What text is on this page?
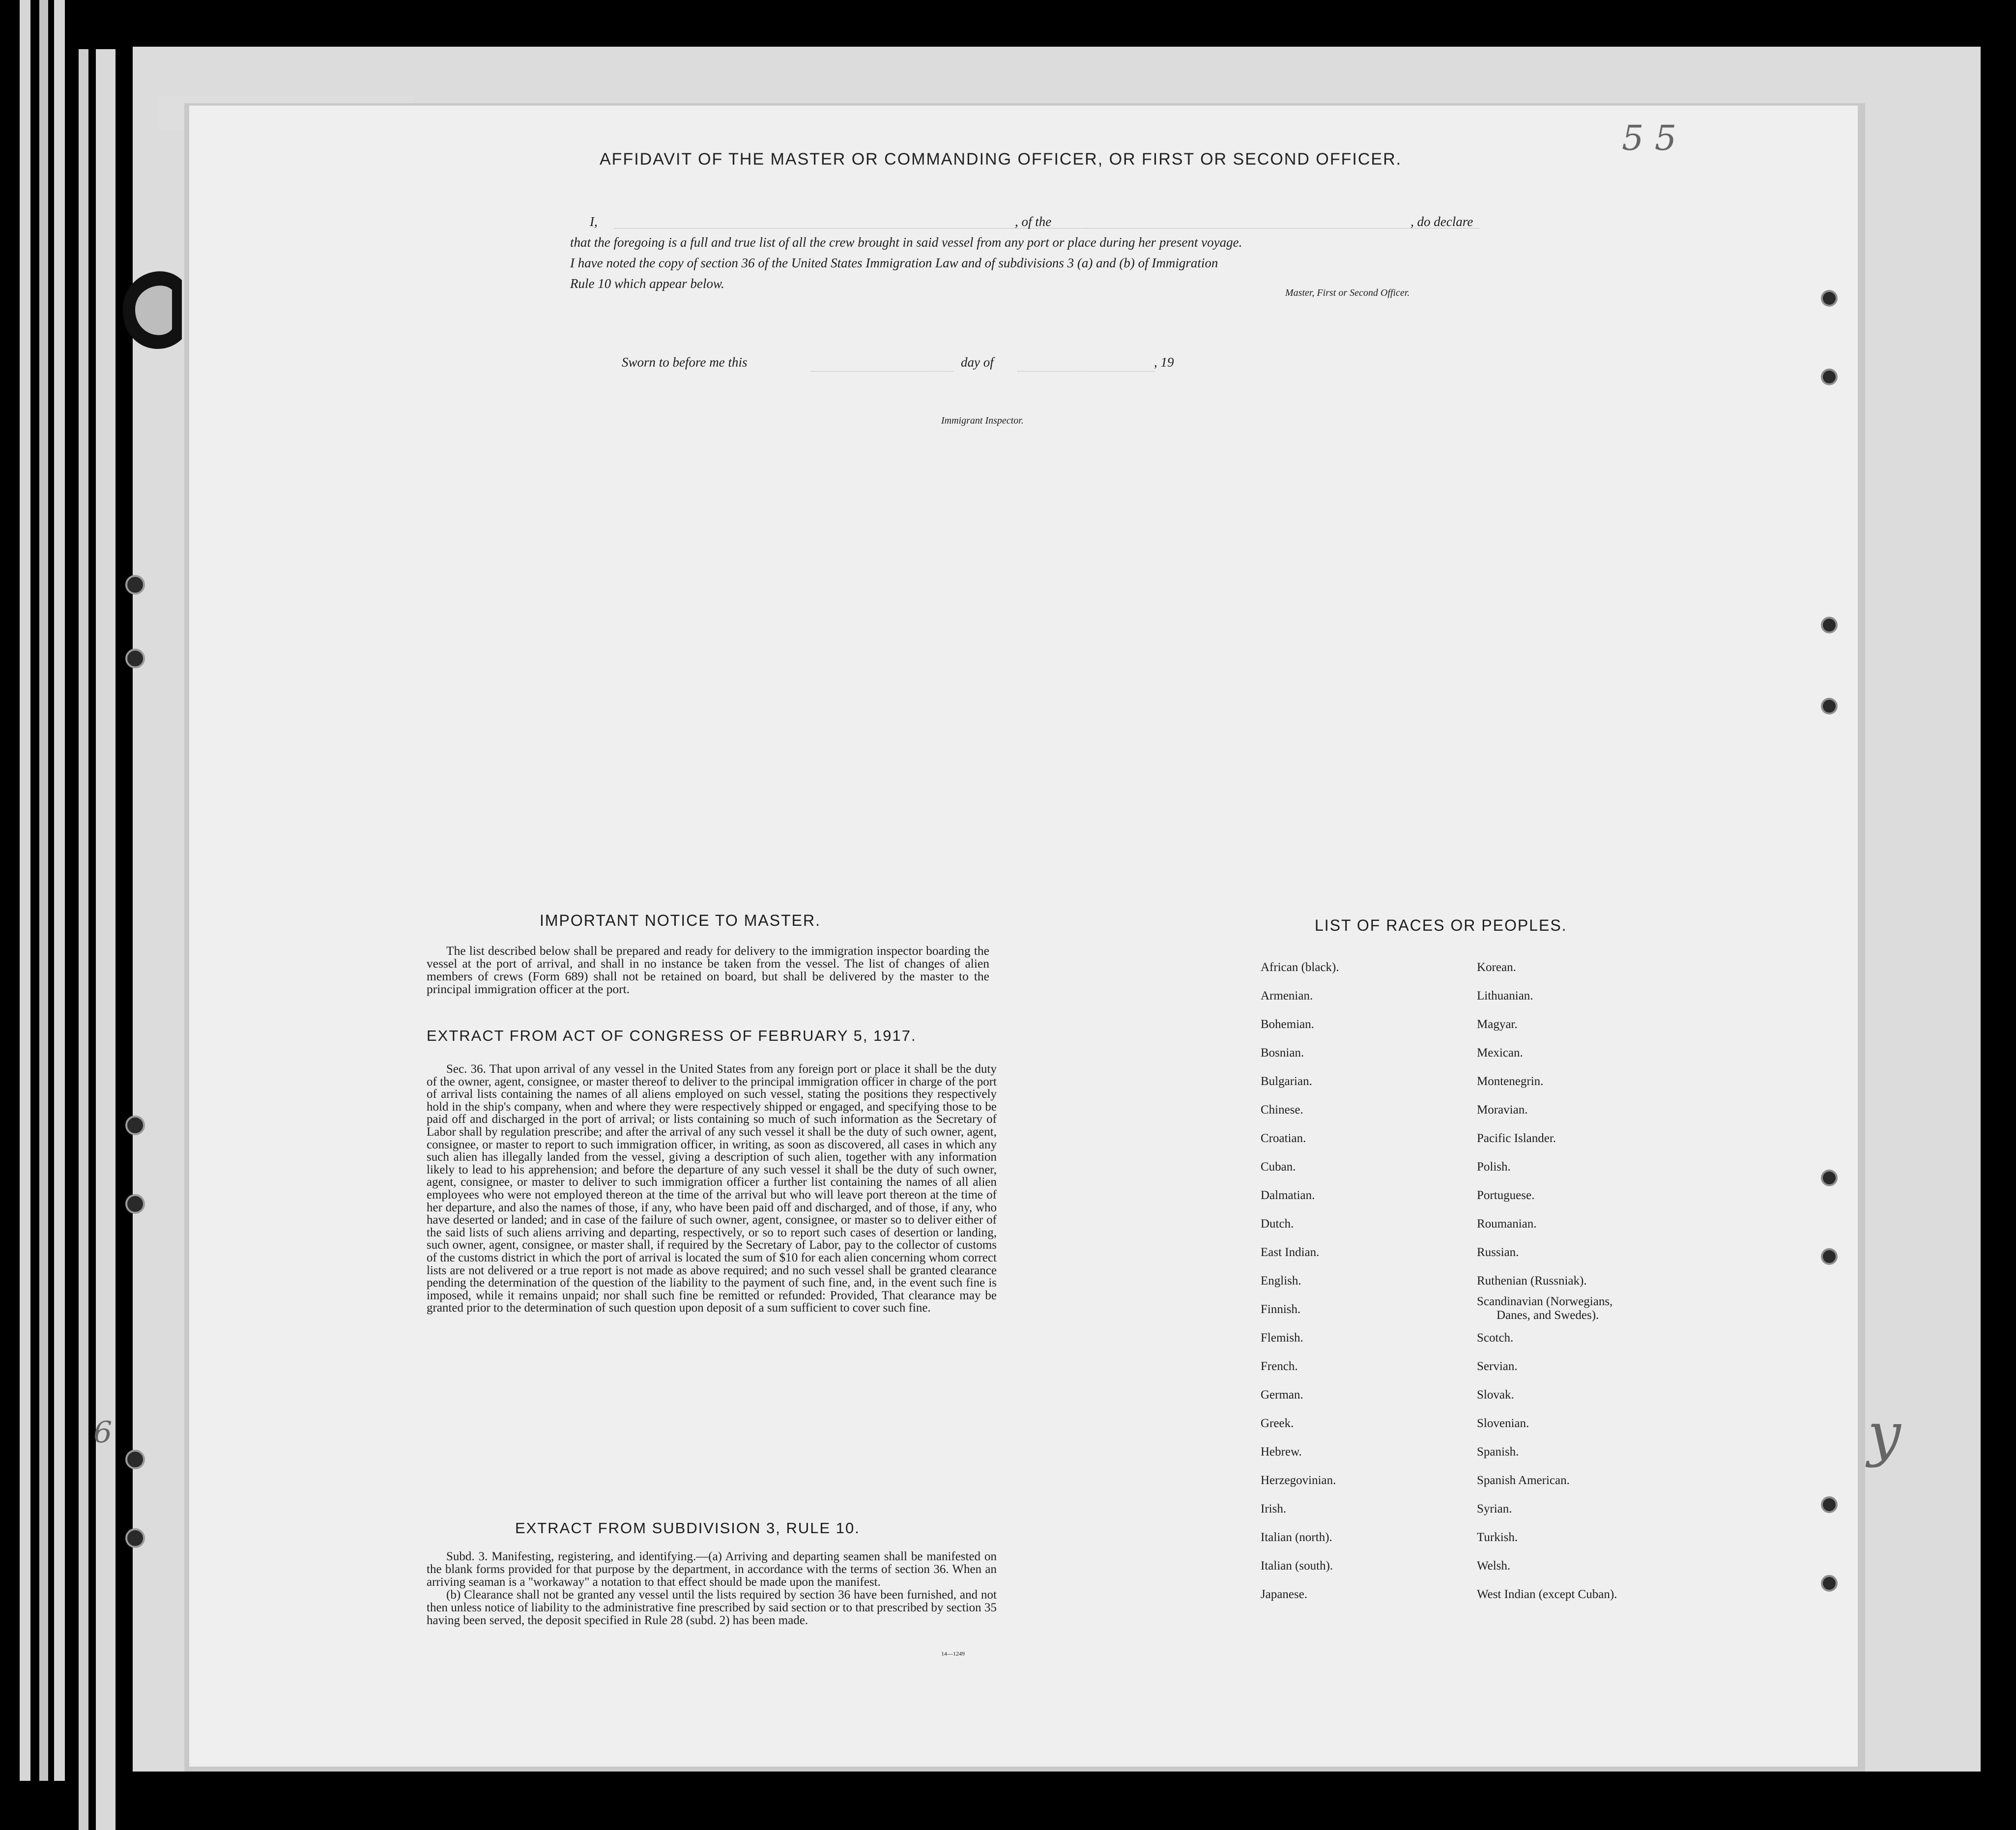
5 5
y
6
AFFIDAVIT OF THE MASTER OR COMMANDING OFFICER, OR FIRST OR SECOND OFFICER.
I,	, of the	, do declare
that the foregoing is a full and true list of all the crew brought in said vessel from any port or place during her present voyage.
I have noted the copy of section 36 of the United States Immigration Law and of subdivisions 3 (a) and (b) of Immigration
Rule 10 which appear below.
Master, First or Second Officer.
Sworn to before me this	day of	, 19
Immigrant Inspector.
IMPORTANT NOTICE TO MASTER.

The list described below shall be prepared and ready for delivery to the immigration inspector boarding the vessel at the port of arrival, and shall in no instance be taken from the vessel. The list of changes of alien members of crews (Form 689) shall not be retained on board, but shall be delivered by the master to the principal immigration officer at the port.

EXTRACT FROM ACT OF CONGRESS OF FEBRUARY 5, 1917.

Sec. 36. That upon arrival of any vessel in the United States from any foreign port or place it shall be the duty of the owner, agent, consignee, or master thereof to deliver to the principal immigration officer in charge of the port of arrival lists containing the names of all aliens employed on such vessel, stating the positions they respectively hold in the ship's company, when and where they were respectively shipped or engaged, and specifying those to be paid off and discharged in the port of arrival; or lists containing so much of such information as the Secretary of Labor shall by regulation prescribe; and after the arrival of any such vessel it shall be the duty of such owner, agent, consignee, or master to report to such immigration officer, in writing, as soon as discovered, all cases in which any such alien has illegally landed from the vessel, giving a description of such alien, together with any information likely to lead to his apprehension; and before the departure of any such vessel it shall be the duty of such owner, agent, consignee, or master to deliver to such immigration officer a further list containing the names of all alien employees who were not employed thereon at the time of the arrival but who will leave port thereon at the time of her departure, and also the names of those, if any, who have been paid off and discharged, and of those, if any, who have deserted or landed; and in case of the failure of such owner, agent, consignee, or master so to deliver either of the said lists of such aliens arriving and departing, respectively, or so to report such cases of desertion or landing, such owner, agent, consignee, or master shall, if required by the Secretary of Labor, pay to the collector of customs of the customs district in which the port of arrival is located the sum of $10 for each alien concerning whom correct lists are not delivered or a true report is not made as above required; and no such vessel shall be granted clearance pending the determination of the question of the liability to the payment of such fine, and, in the event such fine is imposed, while it remains unpaid; nor shall such fine be remitted or refunded: Provided, That clearance may be granted prior to the determination of such question upon deposit of a sum sufficient to cover such fine.

EXTRACT FROM SUBDIVISION 3, RULE 10.

Subd. 3. Manifesting, registering, and identifying.—(a) Arriving and departing seamen shall be manifested on the blank forms provided for that purpose by the department, in accordance with the terms of section 36. When an arriving seaman is a "workaway" a notation to that effect should be made upon the manifest.

(b) Clearance shall not be granted any vessel until the lists required by section 36 have been furnished, and not then unless notice of liability to the administrative fine prescribed by said section or to that prescribed by section 35 having been served, the deposit specified in Rule 28 (subd. 2) has been made.

14—1249
LIST OF RACES OR PEOPLES.
African (black).
Armenian.
Bohemian.
Bosnian.
Bulgarian.
Chinese.
Croatian.
Cuban.
Dalmatian.
Dutch.
East Indian.
English.
Finnish.
Flemish.
French.
German.
Greek.
Hebrew.
Herzegovinian.
Irish.
Italian (north).
Italian (south).
Japanese.
Korean.
Lithuanian.
Magyar.
Mexican.
Montenegrin.
Moravian.
Pacific Islander.
Polish.
Portuguese.
Roumanian.
Russian.
Ruthenian (Russniak).
Scandinavian (Norwegians,
Danes, and Swedes).
Scotch.
Servian.
Slovak.
Slovenian.
Spanish.
Spanish American.
Syrian.
Turkish.
Welsh.
West Indian (except Cuban).
